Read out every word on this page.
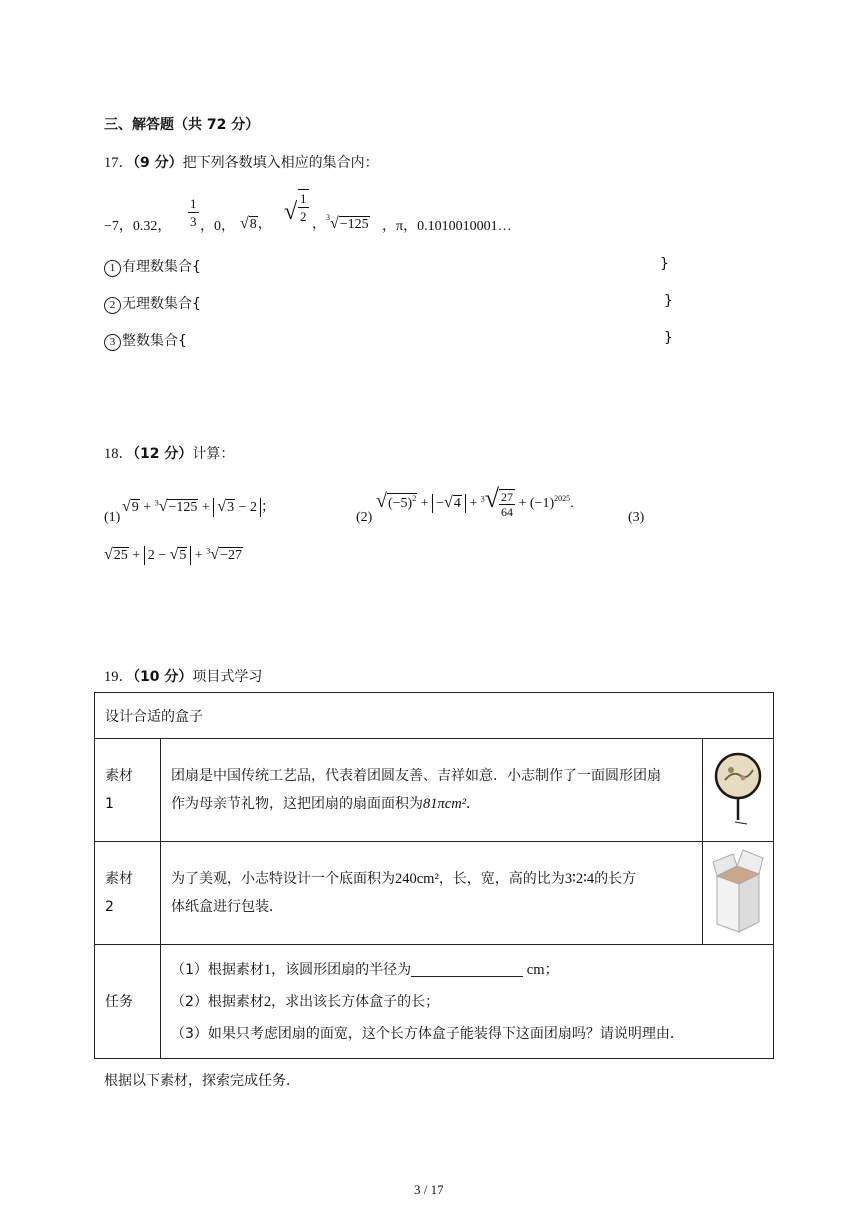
三、解答题（共 72 分）
17．（9 分）把下列各数填入相应的集合内：
−7，0.32， $\frac{1}{3}$ ，0， √8， √ $\frac{1}{2}$ ， $^3$√−125 ，π，0.1010010001…
1 有理数集合{	}
2 无理数集合{	}
3 整数集合{	}
18．（12 分）计算：
(1)
√9 + $^3$√−125 + √3 − 2 ；
(2)
$√(-5)^2 + -√4 + ^3√ \frac{27}{64} + (-1)^{2025}$.
(3)
√25 + 2 − √5 + $^3$√−27
19．（10 分）项目式学习
设计合适的盒子		
素材1	团扇是中国传统工艺品，代表着团圆友善、吉祥如意．小志制作了一面圆形团扇
作为母亲节礼物，这把团扇的扇面面积为81πcm²．

素材2	为了美观，小志特设计一个底面积为240cm²，长，宽，高的比为3∶2∶4的长方
体纸盒进行包装．

任务	（1）根据素材1，该圆形团扇的半径为 cm；
（2）根据素材2，求出该长方体盒子的长；
（3）如果只考虑团扇的面宽，这个长方体盒子能装得下这面团扇吗？请说明理由．	
根据以下素材，探索完成任务．
3 / 17
